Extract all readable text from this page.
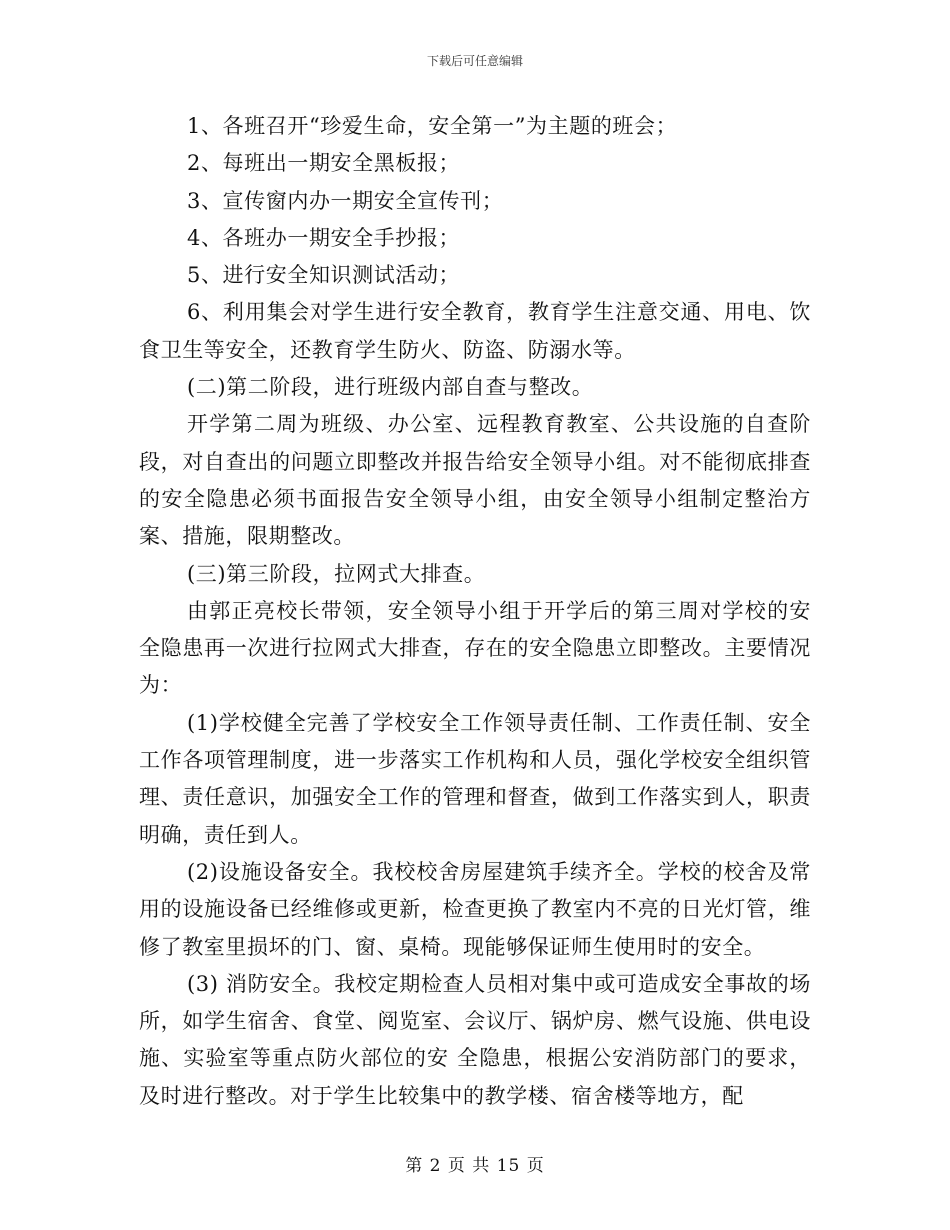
下载后可任意编辑

1、各班召开“珍爱生命，安全第一”为主题的班会；

2、每班出一期安全黑板报；

3、宣传窗内办一期安全宣传刊；

4、各班办一期安全手抄报；

5、进行安全知识测试活动；

6、利用集会对学生进行安全教育，教育学生注意交通、用电、饮食卫生等安全，还教育学生防火、防盗、防溺水等。

(二)第二阶段，进行班级内部自查与整改。

开学第二周为班级、办公室、远程教育教室、公共设施的自查阶段，对自查出的问题立即整改并报告给安全领导小组。对不能彻底排查的安全隐患必须书面报告安全领导小组，由安全领导小组制定整治方案、措施，限期整改。

(三)第三阶段，拉网式大排查。

由郭正亮校长带领，安全领导小组于开学后的第三周对学校的安全隐患再一次进行拉网式大排查，存在的安全隐患立即整改。主要情况为：

(1)学校健全完善了学校安全工作领导责任制、工作责任制、安全工作各项管理制度，进一步落实工作机构和人员，强化学校安全组织管理、责任意识，加强安全工作的管理和督查，做到工作落实到人，职责明确，责任到人。

(2)设施设备安全。我校校舍房屋建筑手续齐全。学校的校舍及常用的设施设备已经维修或更新，检查更换了教室内不亮的日光灯管，维修了教室里损坏的门、窗、桌椅。现能够保证师生使用时的安全。

(3) 消防安全。我校定期检查人员相对集中或可造成安全事故的场所，如学生宿舍、食堂、阅览室、会议厅、锅炉房、燃气设施、供电设施、实验室等重点防火部位的安 全隐患，根据公安消防部门的要求，及时进行整改。对于学生比较集中的教学楼、宿舍楼等地方，配

第 2 页 共 15 页
